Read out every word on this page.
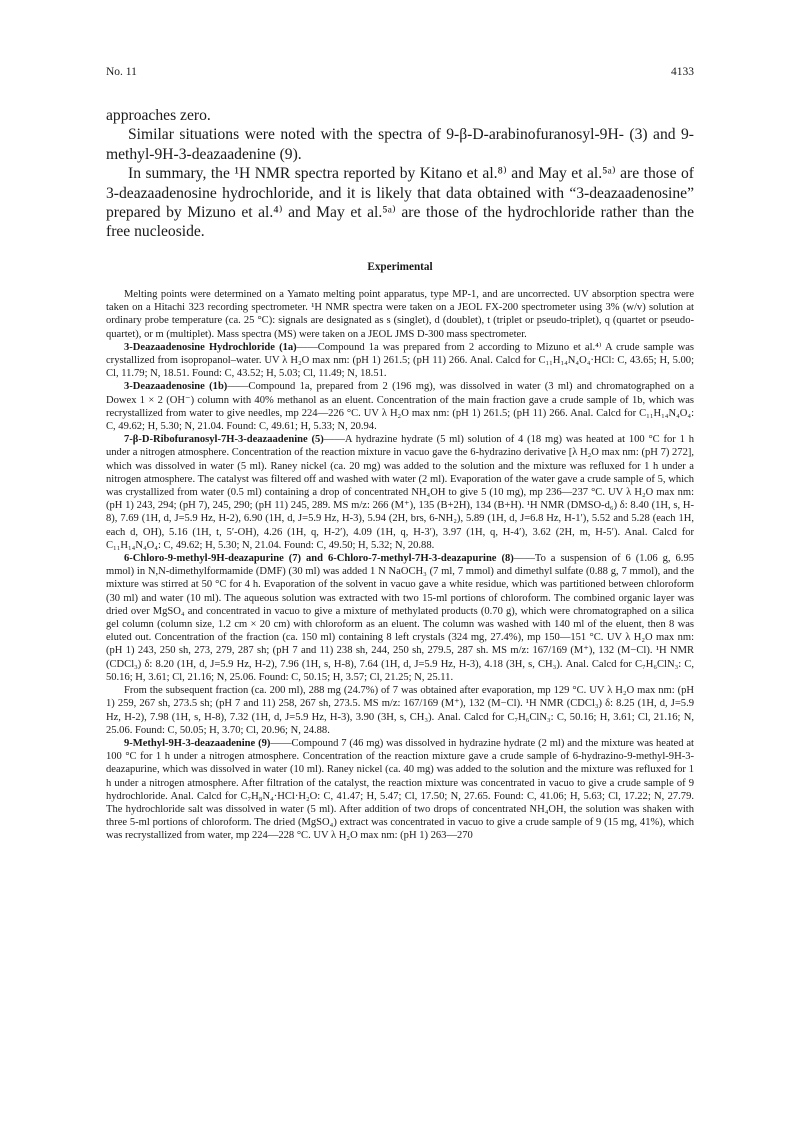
No. 11	4133

approaches zero.

Similar situations were noted with the spectra of 9-β-D-arabinofuranosyl-9H- (3) and 9-methyl-9H-3-deazaadenine (9).

In summary, the ¹H NMR spectra reported by Kitano et al.⁸⁾ and May et al.⁵ᵃ⁾ are those of 3-deazaadenosine hydrochloride, and it is likely that data obtained with “3-deazaadenosine” prepared by Mizuno et al.⁴⁾ and May et al.⁵ᵃ⁾ are those of the hydrochloride rather than the free nucleoside.

Experimental

Melting points were determined on a Yamato melting point apparatus, type MP-1, and are uncorrected. UV absorption spectra were taken on a Hitachi 323 recording spectrometer. ¹H NMR spectra were taken on a JEOL FX-200 spectrometer using 3% (w/v) solution at ordinary probe temperature (ca. 25 °C): signals are designated as s (singlet), d (doublet), t (triplet or pseudo-triplet), q (quartet or pseudo-quartet), or m (multiplet). Mass spectra (MS) were taken on a JEOL JMS D-300 mass spectrometer.

3-Deazaadenosine Hydrochloride (1a)——Compound 1a was prepared from 2 according to Mizuno et al.⁴⁾ A crude sample was crystallized from isopropanol–water. UV λ H₂O max nm: (pH 1) 261.5; (pH 11) 266. Anal. Calcd for C₁₁H₁₄N₄O₄·HCl: C, 43.65; H, 5.00; Cl, 11.79; N, 18.51. Found: C, 43.52; H, 5.03; Cl, 11.49; N, 18.51.

3-Deazaadenosine (1b)——Compound 1a, prepared from 2 (196 mg), was dissolved in water (3 ml) and chromatographed on a Dowex 1 × 2 (OH⁻) column with 40% methanol as an eluent. Concentration of the main fraction gave a crude sample of 1b, which was recrystallized from water to give needles, mp 224—226 °C. UV λ H₂O max nm: (pH 1) 261.5; (pH 11) 266. Anal. Calcd for C₁₁H₁₄N₄O₄: C, 49.62; H, 5.30; N, 21.04. Found: C, 49.61; H, 5.33; N, 20.94.

7-β-D-Ribofuranosyl-7H-3-deazaadenine (5)——A hydrazine hydrate (5 ml) solution of 4 (18 mg) was heated at 100 °C for 1 h under a nitrogen atmosphere. Concentration of the reaction mixture in vacuo gave the 6-hydrazino derivative [λ H₂O max nm: (pH 7) 272], which was dissolved in water (5 ml). Raney nickel (ca. 20 mg) was added to the solution and the mixture was refluxed for 1 h under a nitrogen atmosphere. The catalyst was filtered off and washed with water (2 ml). Evaporation of the water gave a crude sample of 5, which was crystallized from water (0.5 ml) containing a drop of concentrated NH₄OH to give 5 (10 mg), mp 236—237 °C. UV λ H₂O max nm: (pH 1) 243, 294; (pH 7), 245, 290; (pH 11) 245, 289. MS m/z: 266 (M⁺), 135 (B+2H), 134 (B+H). ¹H NMR (DMSO-d₆) δ: 8.40 (1H, s, H-8), 7.69 (1H, d, J=5.9 Hz, H-2), 6.90 (1H, d, J=5.9 Hz, H-3), 5.94 (2H, brs, 6-NH₂), 5.89 (1H, d, J=6.8 Hz, H-1′), 5.52 and 5.28 (each 1H, each d, OH), 5.16 (1H, t, 5′-OH), 4.26 (1H, q, H-2′), 4.09 (1H, q, H-3′), 3.97 (1H, q, H-4′), 3.62 (2H, m, H-5′). Anal. Calcd for C₁₁H₁₄N₄O₄: C, 49.62; H, 5.30; N, 21.04. Found: C, 49.50; H, 5.32; N, 20.88.

6-Chloro-9-methyl-9H-deazapurine (7) and 6-Chloro-7-methyl-7H-3-deazapurine (8)——To a suspension of 6 (1.06 g, 6.95 mmol) in N,N-dimethylformamide (DMF) (30 ml) was added 1 N NaOCH₃ (7 ml, 7 mmol) and dimethyl sulfate (0.88 g, 7 mmol), and the mixture was stirred at 50 °C for 4 h. Evaporation of the solvent in vacuo gave a white residue, which was partitioned between chloroform (30 ml) and water (10 ml). The aqueous solution was extracted with two 15-ml portions of chloroform. The combined organic layer was dried over MgSO₄ and concentrated in vacuo to give a mixture of methylated products (0.70 g), which were chromatographed on a silica gel column (column size, 1.2 cm × 20 cm) with chloroform as an eluent. The column was washed with 140 ml of the eluent, then 8 was eluted out. Concentration of the fraction (ca. 150 ml) containing 8 left crystals (324 mg, 27.4%), mp 150—151 °C. UV λ H₂O max nm: (pH 1) 243, 250 sh, 273, 279, 287 sh; (pH 7 and 11) 238 sh, 244, 250 sh, 279.5, 287 sh. MS m/z: 167/169 (M⁺), 132 (M−Cl). ¹H NMR (CDCl₃) δ: 8.20 (1H, d, J=5.9 Hz, H-2), 7.96 (1H, s, H-8), 7.64 (1H, d, J=5.9 Hz, H-3), 4.18 (3H, s, CH₃). Anal. Calcd for C₇H₆ClN₃: C, 50.16; H, 3.61; Cl, 21.16; N, 25.06. Found: C, 50.15; H, 3.57; Cl, 21.25; N, 25.11.

From the subsequent fraction (ca. 200 ml), 288 mg (24.7%) of 7 was obtained after evaporation, mp 129 °C. UV λ H₂O max nm: (pH 1) 259, 267 sh, 273.5 sh; (pH 7 and 11) 258, 267 sh, 273.5. MS m/z: 167/169 (M⁺), 132 (M−Cl). ¹H NMR (CDCl₃) δ: 8.25 (1H, d, J=5.9 Hz, H-2), 7.98 (1H, s, H-8), 7.32 (1H, d, J=5.9 Hz, H-3), 3.90 (3H, s, CH₃). Anal. Calcd for C₇H₆ClN₃: C, 50.16; H, 3.61; Cl, 21.16; N, 25.06. Found: C, 50.05; H, 3.70; Cl, 20.96; N, 24.88.

9-Methyl-9H-3-deazaadenine (9)——Compound 7 (46 mg) was dissolved in hydrazine hydrate (2 ml) and the mixture was heated at 100 °C for 1 h under a nitrogen atmosphere. Concentration of the reaction mixture gave a crude sample of 6-hydrazino-9-methyl-9H-3-deazapurine, which was dissolved in water (10 ml). Raney nickel (ca. 40 mg) was added to the solution and the mixture was refluxed for 1 h under a nitrogen atmosphere. After filtration of the catalyst, the reaction mixture was concentrated in vacuo to give a crude sample of 9 hydrochloride. Anal. Calcd for C₇H₈N₄·HCl·H₂O: C, 41.47; H, 5.47; Cl, 17.50; N, 27.65. Found: C, 41.06; H, 5.63; Cl, 17.22; N, 27.79. The hydrochloride salt was dissolved in water (5 ml). After addition of two drops of concentrated NH₄OH, the solution was shaken with three 5-ml portions of chloroform. The dried (MgSO₄) extract was concentrated in vacuo to give a crude sample of 9 (15 mg, 41%), which was recrystallized from water, mp 224—228 °C. UV λ H₂O max nm: (pH 1) 263—270
